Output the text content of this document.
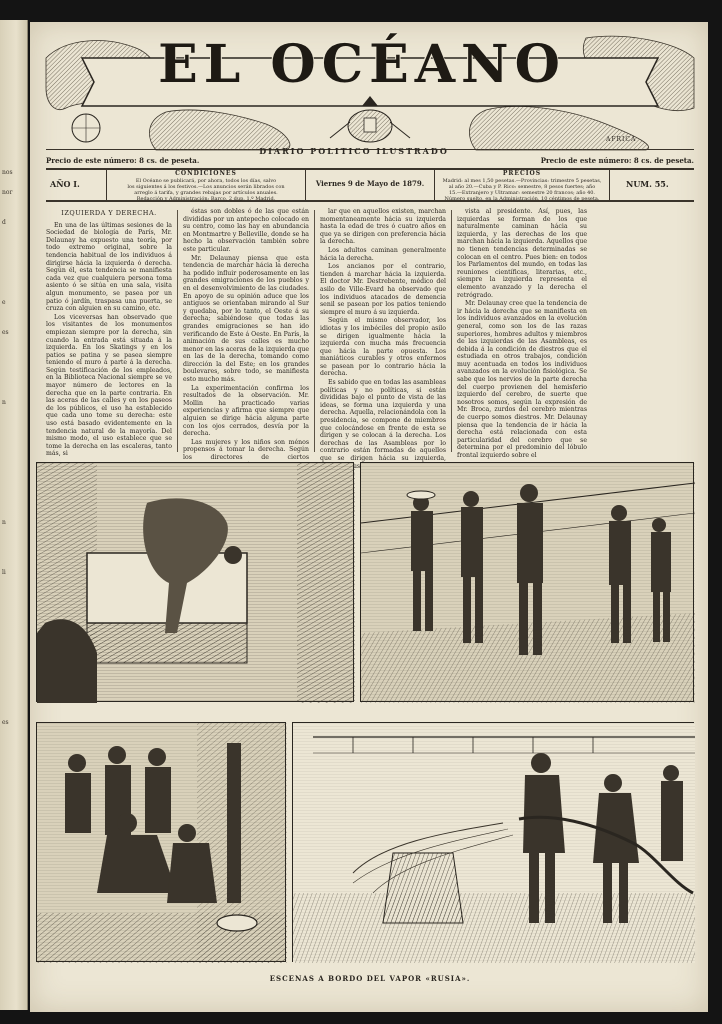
nos
nor
d
e
es
n
n
li
es
EL OCÉANO
AFRICA
DIARIO POLITICO ILUSTRADO
Precio de este número: 8 cs. de peseta.	Precio de este número: 8 cs. de peseta.
AÑO I.
CONDICIONES
El Océano se publicará, por ahora, todos los días, salvo
los siguientes á los festivos.—Los anuncios serán librados con
arreglo á tarifa, y grandes rebajas por artículos anuales.
Redacción y Administración: Barco, 2 dup. 1.º Madrid.
Viernes 9 de Mayo de 1879.
PRECIOS
Madrid: al mes 1,50 pesetas.—Provincias: trimestre 5 pesetas,
al año 20.—Cuba y P. Rico: semestre, 8 pesos fuertes; año
15.—Extranjero y Ultramar: semestre 20 francos; año 40.
Número suelto, en la Administración, 10 céntimos de peseta.
NUM. 55.
IZQUIERDA Y DERECHA.

En una de las últimas sesiones de la Sociedad de biología de París, Mr. Delaunay ha expuesto una teoría, por todo extremo original, sobre la tendencia habitual de los individuos á dirigirse hácia la izquierda ó derecha. Según él, esta tendencia se manifiesta cada vez que cualquiera persona toma asiento ó se sitúa en una sala, visita algun monumento, se pasea por un patio ó jardín, traspasa una puerta, se cruza con alguien en su camino, etc.

Los viceversas han observado que los visitantes de los monumentos empiezan siempre por la derecha, sin cuando la entrada está situada á la izquierda. En los Skatings y en los patios se patina y se pasea siempre teniendo el muro á parte á la derecha. Según testificación de los empleados, en la Biblioteca Nacional siempre se ve mayor número de lectores en la derecha que en la parte contraria. En las aceras de las calles y en los paseos de los públicos, el uso ha establecido que cada uno tome su derecha: este uso está basado evidentemente en la tendencia natural de la mayoría. Del mismo modo, el uso establece que se tome la derecha en las escaleras, tanto más, si

éstas son dobles ó de las que están divididas por un antepecho colocado en su centro, como las hay en abundancia en Montmartre y Belleville, donde se ha hecho la observación también sobre este particular.

Mr. Delaunay piensa que esta tendencia de marchar hácia la derecha ha podido influir poderosamente en las grandes emigraciones de los pueblos y en el desenvolvimiento de las ciudades. En apoyo de su opinión aduce que los antiguos se orientaban mirando al Sur y quedaba, por lo tanto, el Oeste á su derecha; sabiéndose que todas las grandes emigraciones se han ido verificando de Este á Oeste. En París, la animación de sus calles es mucho menor en las aceras de la izquierda que en las de la derecha, tomando como dirección la del Este; en los grandes boulevares, sobre todo, se manifiesta esto mucho más.

La experimentación confirma los resultados de la observación. Mr. Mollin ha practicado varias experiencias y afirma que siempre que alguien se dirige hácia alguna parte con los ojos cerrados, desvía por la derecha.

Las mujeres y los niños son ménos propensos á tomar la derecha. Según los directores de ciertos

lar que en aquellos existen, marchan momentaneamente hácia su izquierda hasta la edad de tres ó cuatro años en que ya se dirigen con preferencia hácia la derecha.

Los adultos caminan generalmente hácia la derecha.

Los ancianos por el contrario, tienden á marchar hácia la izquierda. El doctor Mr. Destrebente, médico del asilo de Ville-Evard ha observado que los individuos atacados de demencia senil se pasean por los patios teniendo siempre el muro á su izquierda.

Según el mismo observador, los idiotas y los imbéciles del propio asilo se dirigen igualmente hácia la izquierda con mucha más frecuencia que hácia la parte opuesta. Los maniáticos curables y otros enfermos se pasean por lo contrario hácia la derecha.

Es sabido que en todas las asambleas políticas y no políticas, si están divididas bajo el punto de vista de las ideas, se forma una izquierda y una derecha. Aquella, relacionándola con la presidencia, se compone de miembros que colocándose en frente de esta se dirigen y se colocan á la derecha. Los derechas de las Asambleas por lo contrario están formadas de aquellos que se dirigen hácia su izquierda,

vista al presidente. Así, pues, las izquierdas se forman de los que naturalmente caminan hácia su izquierda, y las derechas de los que marchan hácia la izquierda. Aquellos que no tienen tendencias determinadas se colocan en el centro. Pues bien: en todos los Parlamentos del mundo, en todas las reuniones científicas, literarias, etc., siempre la izquierda representa el elemento avanzado y la derecha el retrógrado.

Mr. Delaunay cree que la tendencia de ir hácia la derecha que se manifiesta en los individuos avanzados en la evolución general, como son los de las razas superiores, hombres adultos y miembros de las izquierdas de las Asambleas, es debida á la condición de diestros que el estudiada en otros trabajos, condición muy acentuada en todos los individuos avanzados en la evolución fisiológica. Se sabe que los nervios de la parte derecha del cuerpo provienen del hemisferio izquierdo del cerebro, de suerte que nosotros somos, según la expresión de Mr. Broca, zurdos del cerebro mientras de cuerpo somos diestros. Mr. Delaunay piensa que la tendencia de ir hácia la derecha está relacionada con esta particularidad del cerebro que se determina por el predominio del lóbulo frontal izquierdo sobre el

ESCENAS A BORDO DEL VAPOR «RUSIA».
